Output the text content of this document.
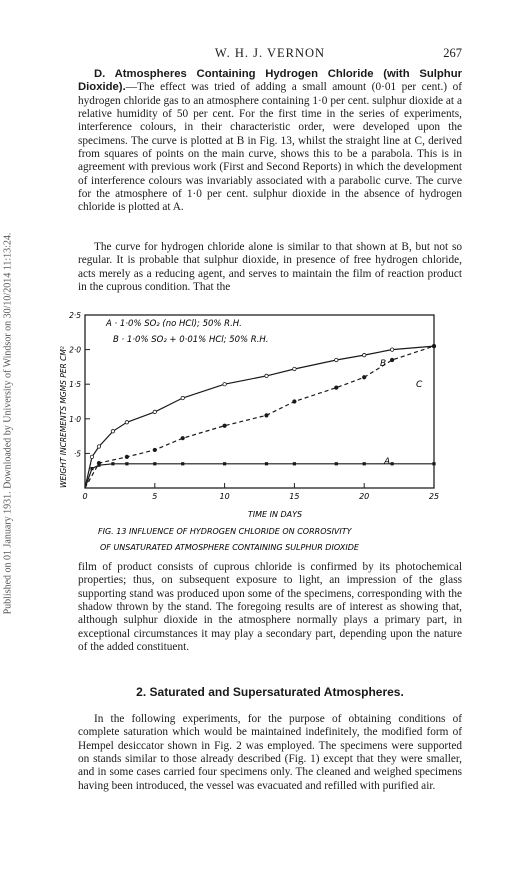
Published on 01 January 1931. Downloaded by University of Windsor on 30/10/2014 11:13:24.
W. H. J. VERNON	267

D. Atmospheres Containing Hydrogen Chloride (with Sulphur Dioxide).—The effect was tried of adding a small amount (0·01 per cent.) of hydrogen chloride gas to an atmosphere containing 1·0 per cent. sulphur dioxide at a relative humidity of 50 per cent. For the first time in the series of experiments, interference colours, in their characteristic order, were developed upon the specimens. The curve is plotted at B in Fig. 13, whilst the straight line at C, derived from squares of points on the main curve, shows this to be a parabola. This is in agreement with previous work (First and Second Reports) in which the development of interference colours was invariably associated with a parabolic curve. The curve for the atmosphere of 1·0 per cent. sulphur dioxide in the absence of hydrogen chloride is plotted at A.

The curve for hydrogen chloride alone is similar to that shown at B, but not so regular. It is probable that sulphur dioxide, in presence of free hydrogen chloride, acts merely as a reducing agent, and serves to maintain the film of reaction product in the cuprous condition. That the

0	5	10	15	20	25
2·5
2·0
1·5
1·0
·5
A · 1·0% SO₂ (no HCl); 50% R.H.
B · 1·0% SO₂ + 0·01% HCl; 50% R.H.
WEIGHT INCREMENTS MGMS PER CM²
TIME IN DAYS
B
C
A
FIG. 13 INFLUENCE OF HYDROGEN CHLORIDE ON CORROSIVITY
OF UNSATURATED ATMOSPHERE CONTAINING SULPHUR DIOXIDE

film of product consists of cuprous chloride is confirmed by its photochemical properties; thus, on subsequent exposure to light, an impression of the glass supporting stand was produced upon some of the specimens, corresponding with the shadow thrown by the stand. The foregoing results are of interest as showing that, although sulphur dioxide in the atmosphere normally plays a primary part, in exceptional circumstances it may play a secondary part, depending upon the nature of the added constituent.

2. Saturated and Supersaturated Atmospheres.

In the following experiments, for the purpose of obtaining conditions of complete saturation which would be maintained indefinitely, the modified form of Hempel desiccator shown in Fig. 2 was employed. The specimens were supported on stands similar to those already described (Fig. 1) except that they were smaller, and in some cases carried four specimens only. The cleaned and weighed specimens having been introduced, the vessel was evacuated and refilled with purified air.
